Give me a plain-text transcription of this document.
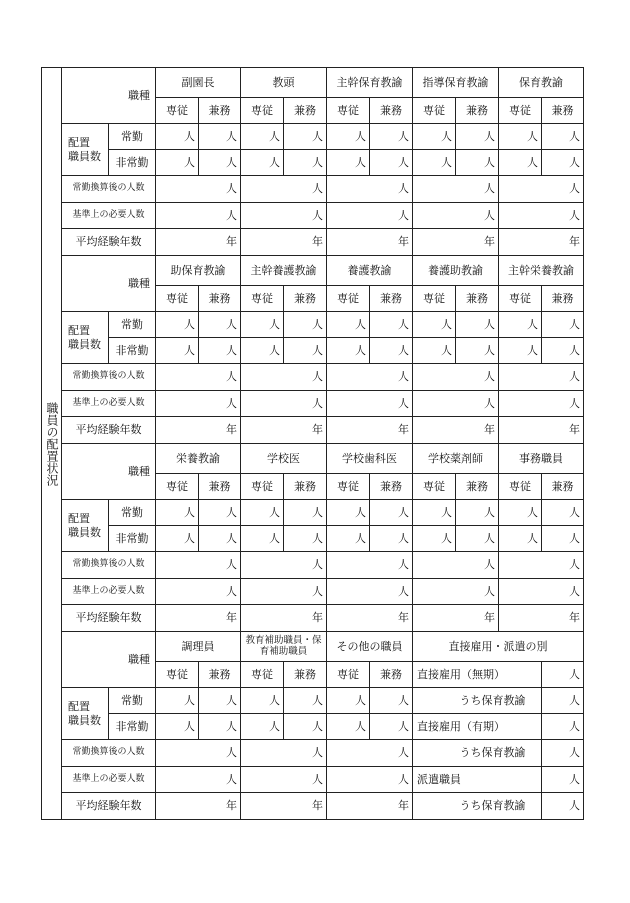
職員の配置状況	職種		副園長		教頭		主幹保育教諭		指導保育教諭		保育教諭	
			専従	兼務	専従	兼務	専従	兼務	専従	兼務	専従	兼務
	配置
職員数	常勤	人	人	人	人	人	人	人	人	人	人
		非常勤	人	人	人	人	人	人	人	人	人	人
	常勤換算後の人数		人		人		人		人		人	
	基準上の必要人数		人		人		人		人		人	
	平均経験年数		年		年		年		年		年	
	職種		助保育教諭		主幹養護教諭		養護教諭		養護助教諭		主幹栄養教諭	
			専従	兼務	専従	兼務	専従	兼務	専従	兼務	専従	兼務
	配置
職員数	常勤	人	人	人	人	人	人	人	人	人	人
		非常勤	人	人	人	人	人	人	人	人	人	人
	常勤換算後の人数		人		人		人		人		人	
	基準上の必要人数		人		人		人		人		人	
	平均経験年数		年		年		年		年		年	
	職種		栄養教諭		学校医		学校歯科医		学校薬剤師		事務職員	
			専従	兼務	専従	兼務	専従	兼務	専従	兼務	専従	兼務
	配置
職員数	常勤	人	人	人	人	人	人	人	人	人	人
		非常勤	人	人	人	人	人	人	人	人	人	人
	常勤換算後の人数		人		人		人		人		人	
	基準上の必要人数		人		人		人		人		人	
	平均経験年数		年		年		年		年		年	
	職種		調理員		教育補助職員・保育補助職員		その他の職員		直接雇用・派遣の別			
			専従	兼務	専従	兼務	専従	兼務	直接雇用（無期）			人
	配置
職員数	常勤	人	人	人	人	人	人		うち保育教諭		人
		非常勤	人	人	人	人	人	人	直接雇用（有期）			人
	常勤換算後の人数		人		人		人			うち保育教諭		人
	基準上の必要人数		人		人		人		派遣職員			人
	平均経験年数		年		年		年			うち保育教諭		人
